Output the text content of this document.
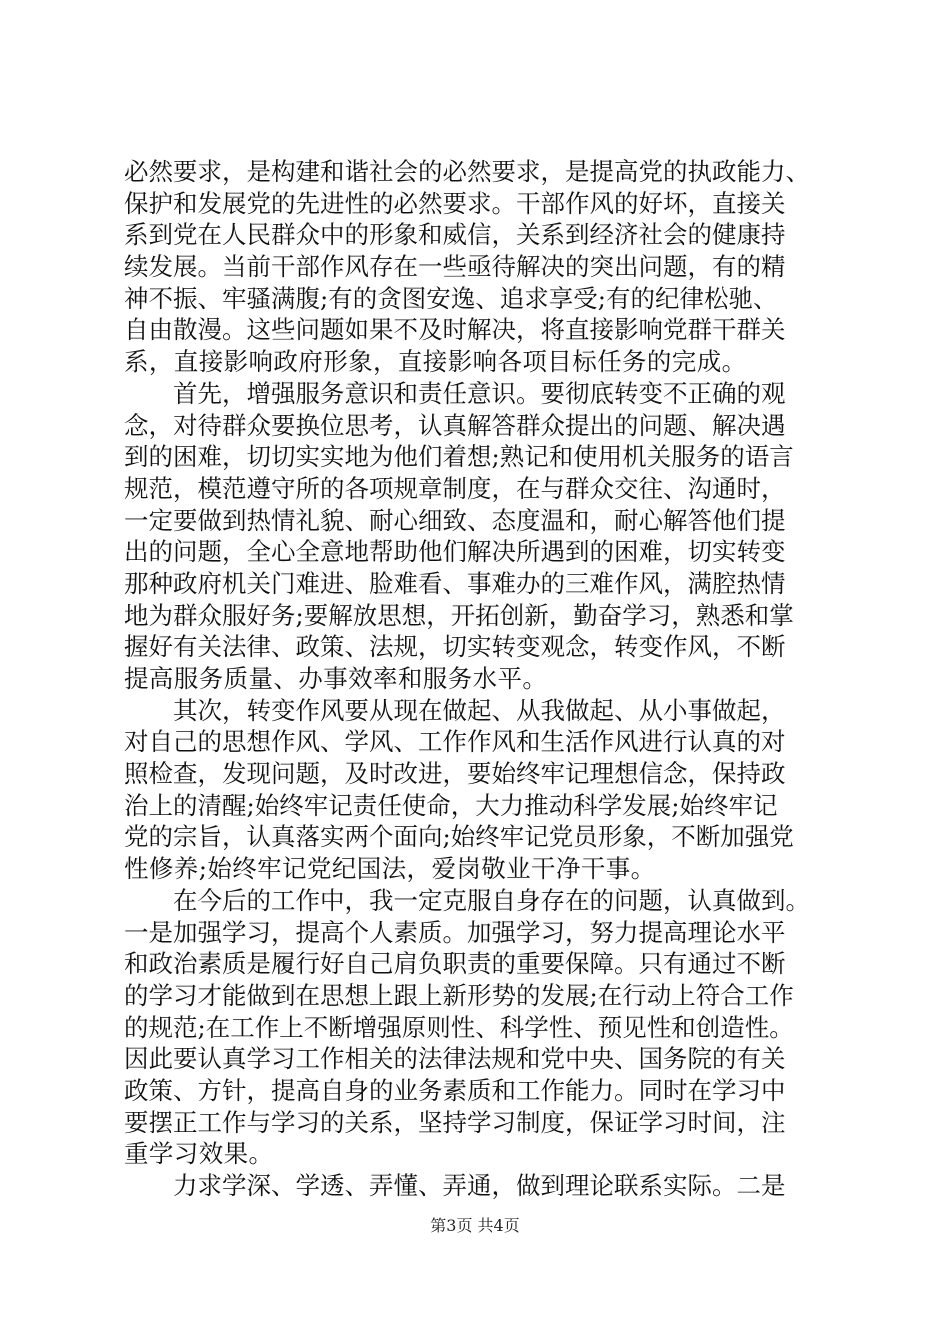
必然要求，是构建和谐社会的必然要求，是提高党的执政能力、
保护和发展党的先进性的必然要求。干部作风的好坏，直接关
系到党在人民群众中的形象和威信，关系到经济社会的健康持
续发展。当前干部作风存在一些亟待解决的突出问题，有的精
神不振、牢骚满腹;有的贪图安逸、追求享受;有的纪律松驰、
自由散漫。这些问题如果不及时解决，将直接影响党群干群关
系，直接影响政府形象，直接影响各项目标任务的完成。
　　首先，增强服务意识和责任意识。要彻底转变不正确的观
念，对待群众要换位思考，认真解答群众提出的问题、解决遇
到的困难，切切实实地为他们着想;熟记和使用机关服务的语言
规范，模范遵守所的各项规章制度，在与群众交往、沟通时，
一定要做到热情礼貌、耐心细致、态度温和，耐心解答他们提
出的问题，全心全意地帮助他们解决所遇到的困难，切实转变
那种政府机关门难进、脸难看、事难办的三难作风，满腔热情
地为群众服好务;要解放思想，开拓创新，勤奋学习，熟悉和掌
握好有关法律、政策、法规，切实转变观念，转变作风，不断
提高服务质量、办事效率和服务水平。
　　其次，转变作风要从现在做起、从我做起、从小事做起，
对自己的思想作风、学风、工作作风和生活作风进行认真的对
照检查，发现问题，及时改进，要始终牢记理想信念，保持政
治上的清醒;始终牢记责任使命，大力推动科学发展;始终牢记
党的宗旨，认真落实两个面向;始终牢记党员形象，不断加强党
性修养;始终牢记党纪国法，爱岗敬业干净干事。
　　在今后的工作中，我一定克服自身存在的问题，认真做到。
一是加强学习，提高个人素质。加强学习，努力提高理论水平
和政治素质是履行好自己肩负职责的重要保障。只有通过不断
的学习才能做到在思想上跟上新形势的发展;在行动上符合工作
的规范;在工作上不断增强原则性、科学性、预见性和创造性。
因此要认真学习工作相关的法律法规和党中央、国务院的有关
政策、方针，提高自身的业务素质和工作能力。同时在学习中
要摆正工作与学习的关系，坚持学习制度，保证学习时间，注
重学习效果。
　　力求学深、学透、弄懂、弄通，做到理论联系实际。二是
第3页 共4页
